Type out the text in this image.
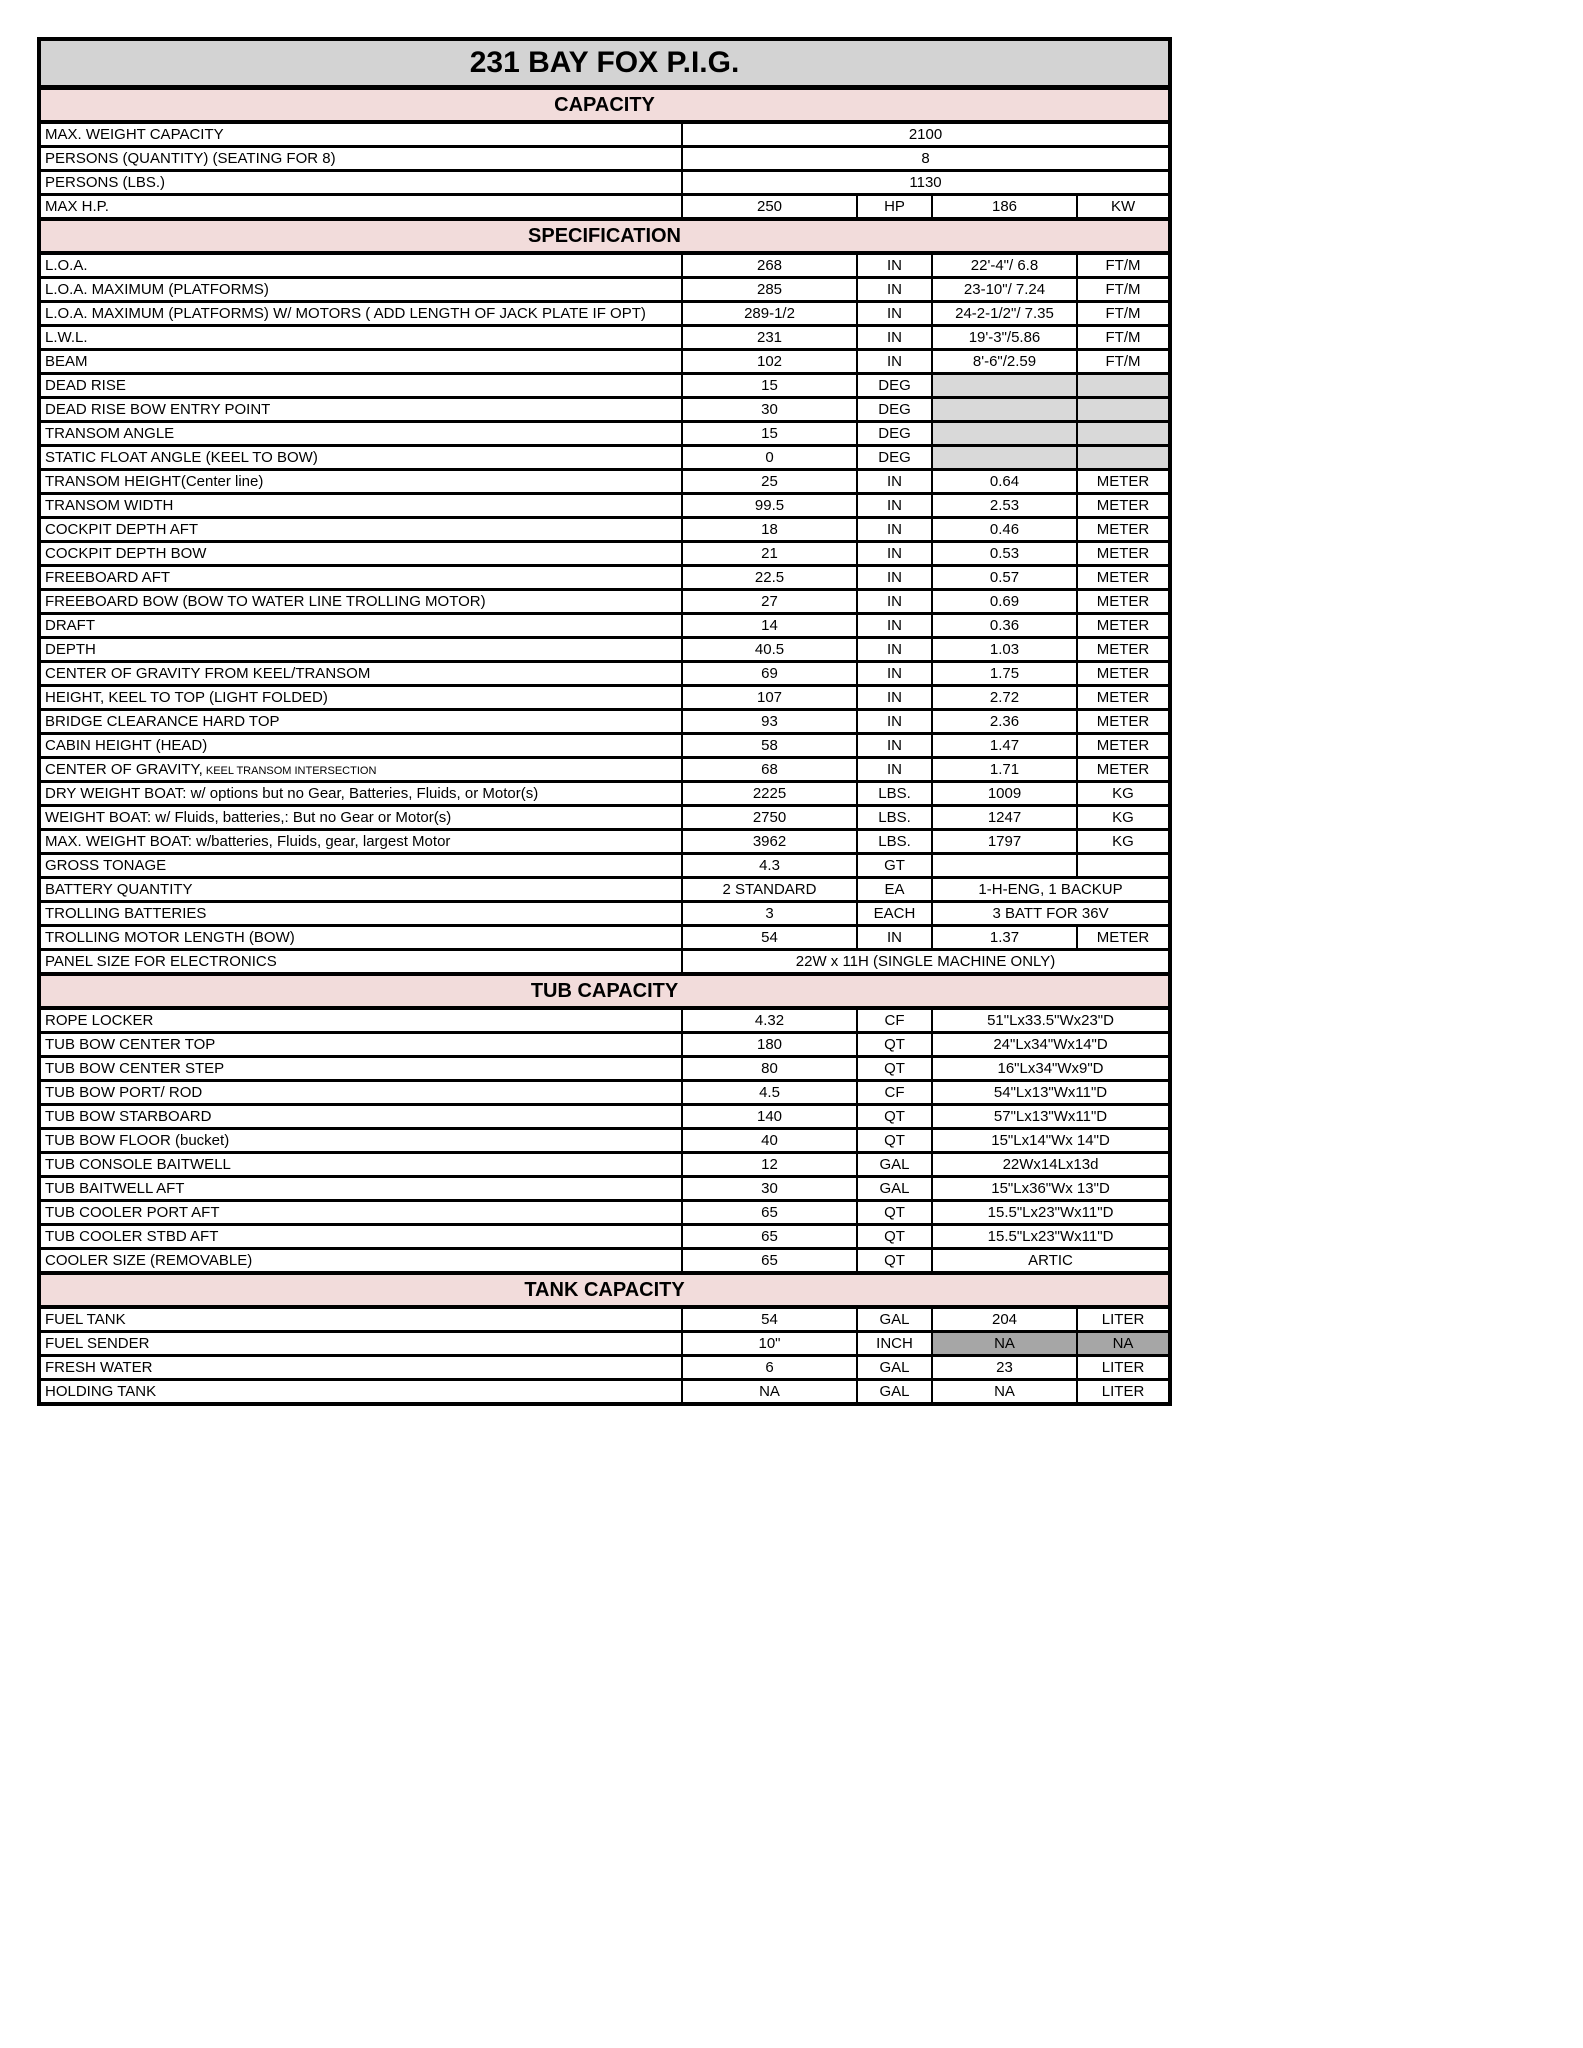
231 BAY FOX P.I.G.				
CAPACITY				
MAX. WEIGHT CAPACITY	2100			
PERSONS (QUANTITY) (SEATING FOR 8)	8			
PERSONS (LBS.)	1130			
MAX H.P.	250	HP	186	KW
SPECIFICATION				
L.O.A.	268	IN	22'-4"/ 6.8	FT/M
L.O.A. MAXIMUM (PLATFORMS)	285	IN	23-10"/ 7.24	FT/M
L.O.A. MAXIMUM (PLATFORMS) W/ MOTORS ( ADD LENGTH OF JACK PLATE IF OPT)	289-1/2	IN	24-2-1/2"/ 7.35	FT/M
L.W.L.	231	IN	19'-3"/5.86	FT/M
BEAM	102	IN	8'-6"/2.59	FT/M
DEAD RISE	15	DEG		
DEAD RISE BOW ENTRY POINT	30	DEG		
TRANSOM ANGLE	15	DEG		
STATIC FLOAT ANGLE (KEEL TO BOW)	0	DEG		
TRANSOM HEIGHT(Center line)	25	IN	0.64	METER
TRANSOM WIDTH	99.5	IN	2.53	METER
COCKPIT DEPTH AFT	18	IN	0.46	METER
COCKPIT DEPTH BOW	21	IN	0.53	METER
FREEBOARD AFT	22.5	IN	0.57	METER
FREEBOARD BOW (BOW TO WATER LINE TROLLING MOTOR)	27	IN	0.69	METER
DRAFT	14	IN	0.36	METER
DEPTH	40.5	IN	1.03	METER
CENTER OF GRAVITY FROM KEEL/TRANSOM	69	IN	1.75	METER
HEIGHT, KEEL TO TOP (LIGHT FOLDED)	107	IN	2.72	METER
BRIDGE CLEARANCE HARD TOP	93	IN	2.36	METER
CABIN HEIGHT (HEAD)	58	IN	1.47	METER
CENTER OF GRAVITY, KEEL TRANSOM INTERSECTION	68	IN	1.71	METER
DRY WEIGHT BOAT: w/ options but no Gear, Batteries, Fluids, or Motor(s)	2225	LBS.	1009	KG
WEIGHT BOAT: w/ Fluids, batteries,: But no Gear or Motor(s)	2750	LBS.	1247	KG
MAX. WEIGHT BOAT: w/batteries, Fluids, gear, largest Motor	3962	LBS.	1797	KG
GROSS TONAGE	4.3	GT		
BATTERY QUANTITY	2 STANDARD	EA	1-H-ENG, 1 BACKUP	
TROLLING BATTERIES	3	EACH	3 BATT FOR 36V	
TROLLING MOTOR LENGTH (BOW)	54	IN	1.37	METER
PANEL SIZE FOR ELECTRONICS	22W x 11H (SINGLE MACHINE ONLY)			
TUB CAPACITY				
ROPE LOCKER	4.32	CF	51"Lx33.5"Wx23"D	
TUB BOW CENTER TOP	180	QT	24"Lx34"Wx14"D	
TUB BOW CENTER STEP	80	QT	16"Lx34"Wx9"D	
TUB BOW PORT/ ROD	4.5	CF	54"Lx13"Wx11"D	
TUB BOW STARBOARD	140	QT	57"Lx13"Wx11"D	
TUB BOW FLOOR (bucket)	40	QT	15"Lx14"Wx 14"D	
TUB CONSOLE BAITWELL	12	GAL	22Wx14Lx13d	
TUB BAITWELL AFT	30	GAL	15"Lx36"Wx 13"D	
TUB COOLER PORT AFT	65	QT	15.5"Lx23"Wx11"D	
TUB COOLER STBD AFT	65	QT	15.5"Lx23"Wx11"D	
COOLER SIZE (REMOVABLE)	65	QT	ARTIC	
TANK CAPACITY				
FUEL TANK	54	GAL	204	LITER
FUEL SENDER	10"	INCH	NA	NA
FRESH WATER	6	GAL	23	LITER
HOLDING TANK	NA	GAL	NA	LITER
